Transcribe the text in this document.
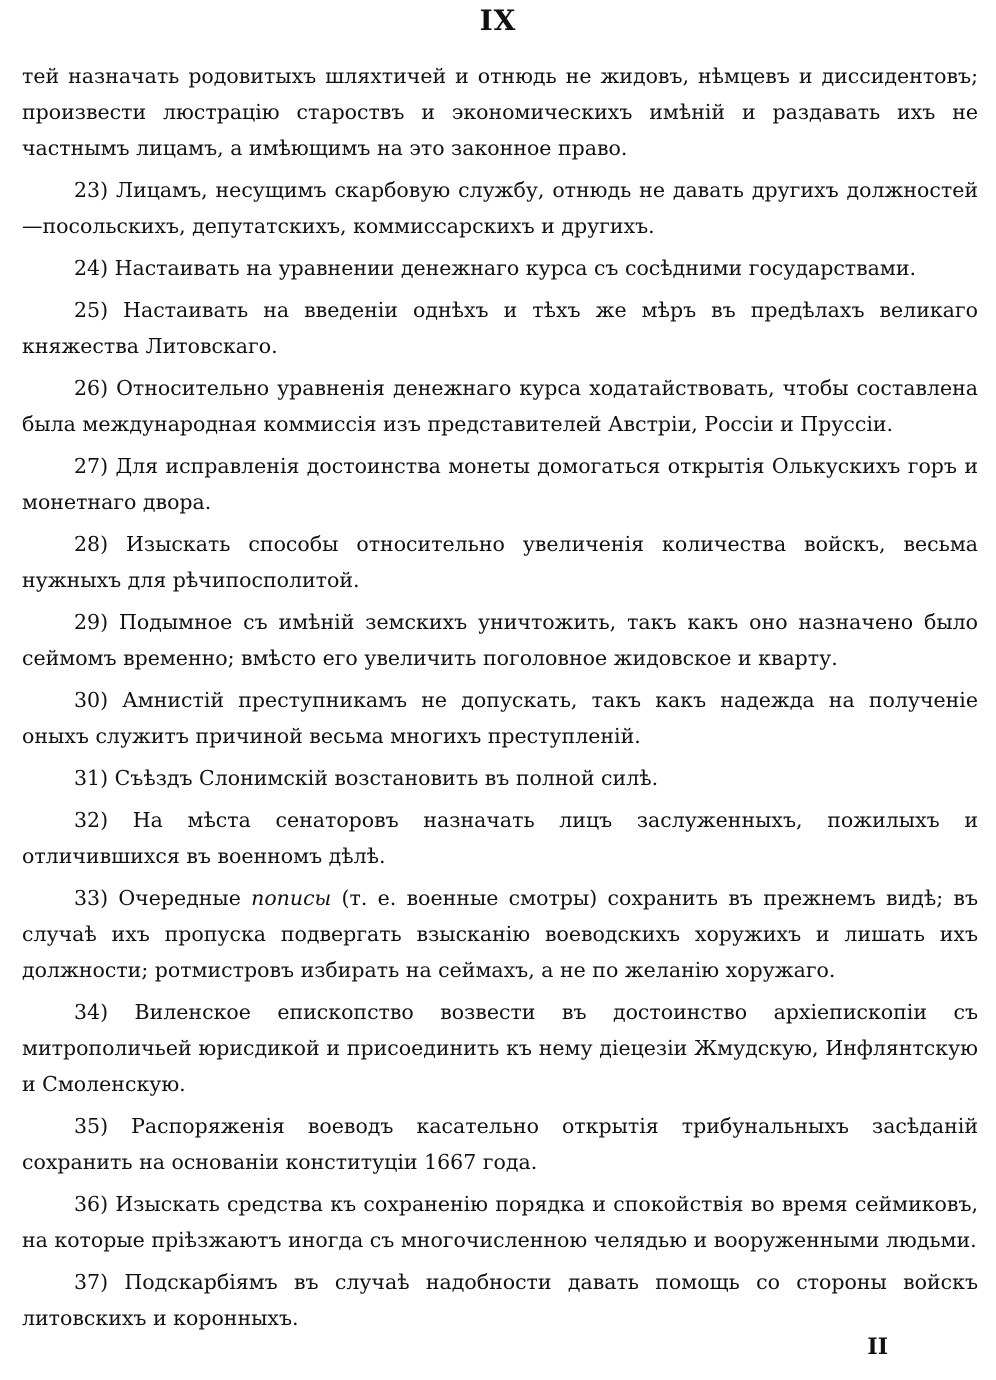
IX

тей назначать родовитыхъ шляхтичей и отнюдь не жидовъ, нѣмцевъ и диссидентовъ; произвести люстрацію староствъ и экономическихъ имѣній и раздавать ихъ не частнымъ лицамъ, а имѣющимъ на это законное право.

23) Лицамъ, несущимъ скарбовую службу, отнюдь не давать другихъ должностей—посольскихъ, депутатскихъ, коммиссарскихъ и другихъ.

24) Настаивать на уравнении денежнаго курса съ сосѣдними государствами.

25) Настаивать на введеніи однѣхъ и тѣхъ же мѣръ въ предѣлахъ великаго княжества Литовскаго.

26) Относительно уравненія денежнаго курса ходатайствовать, чтобы составлена была международная коммиссія изъ представителей Австріи, Россіи и Пруссіи.

27) Для исправленія достоинства монеты домогаться открытія Олькускихъ горъ и монетнаго двора.

28) Изыскать способы относительно увеличенія количества войскъ, весьма нужныхъ для рѣчипосполитой.

29) Подымное съ имѣній земскихъ уничтожить, такъ какъ оно назначено было сеймомъ временно; вмѣсто его увеличить поголовное жидовское и кварту.

30) Амнистій преступникамъ не допускать, такъ какъ надежда на полученіе оныхъ служитъ причиной весьма многихъ преступленій.

31) Съѣздъ Слонимскій возстановить въ полной силѣ.

32) На мѣста сенаторовъ назначать лицъ заслуженныхъ, пожилыхъ и отличившихся въ военномъ дѣлѣ.

33) Очередные пописы (т. е. военные смотры) сохранить въ прежнемъ видѣ; въ случаѣ ихъ пропуска подвергать взысканію воеводскихъ хоружихъ и лишать ихъ должности; ротмистровъ избирать на сеймахъ, а не по желанію хоружаго.

34) Виленское епископство возвести въ достоинство архіепископіи съ митрополичьей юрисдикой и присоединить къ нему діецезіи Жмудскую, Инфлянтскую и Смоленскую.

35) Распоряженія воеводъ касательно открытія трибунальныхъ засѣданій сохранить на основаніи конституціи 1667 года.

36) Изыскать средства къ сохраненію порядка и спокойствія во время сеймиковъ, на которые пріѣзжаютъ иногда съ многочисленною челядью и вооруженными людьми.

37) Подскарбіямъ въ случаѣ надобности давать помощь со стороны войскъ литовскихъ и коронныхъ.

II
